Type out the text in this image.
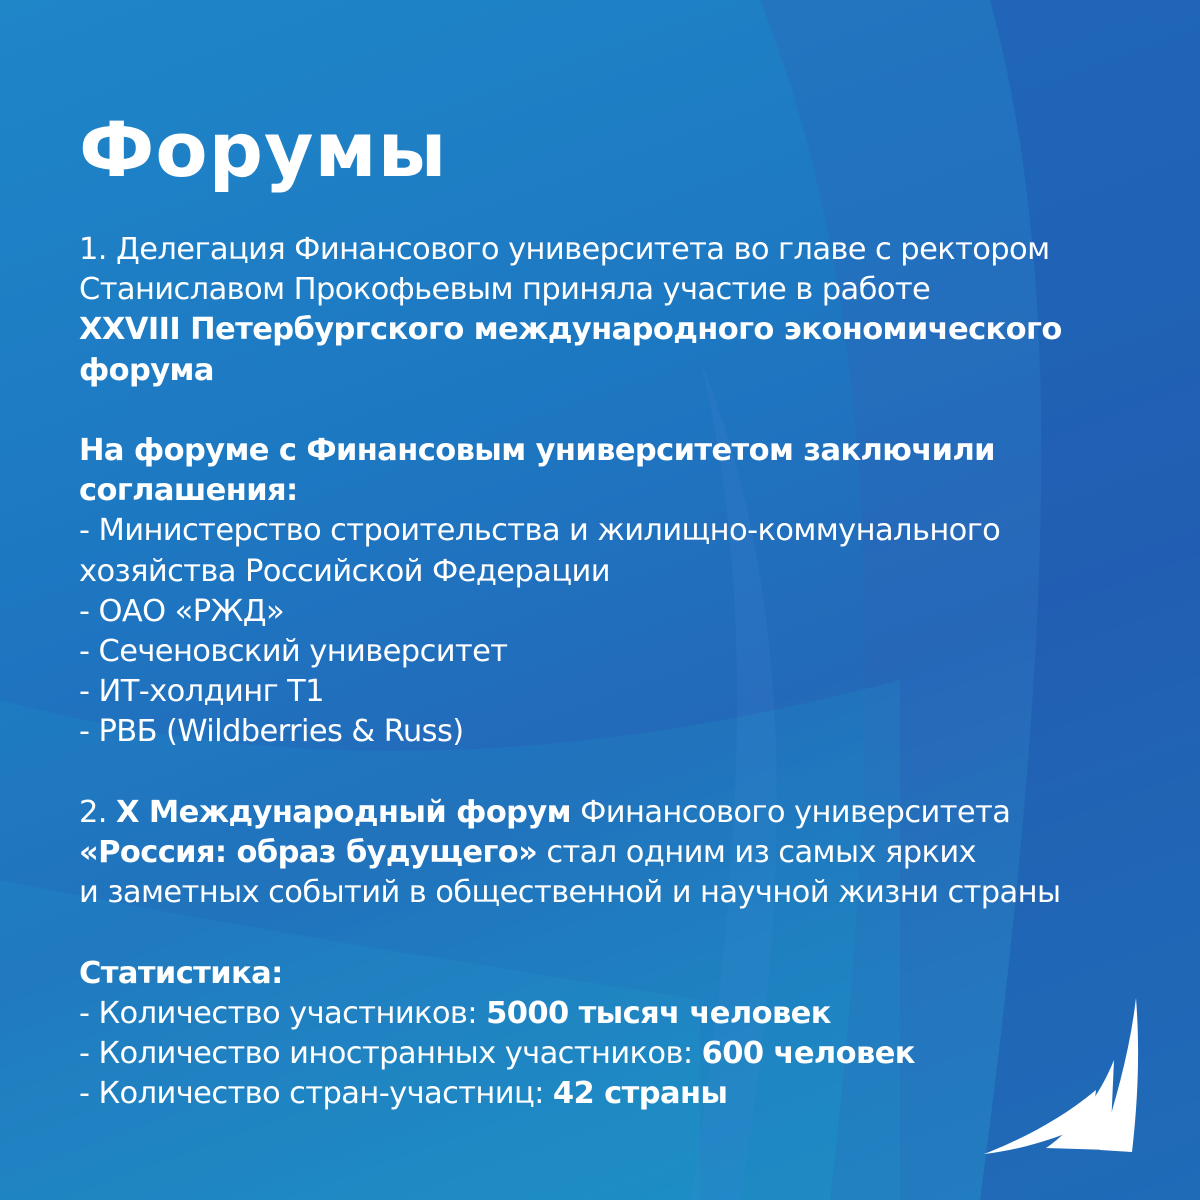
Форумы
1. Делегация Финансового университета во главе с ректором
Станиславом Прокофьевым приняла участие в работе
XXVIII Петербургского международного экономического
форума
На форуме с Финансовым университетом заключили
соглашения:
- Министерство строительства и жилищно-коммунального
хозяйства Российской Федерации
- ОАО «РЖД»
- Сеченовский университет
- ИТ-холдинг Т1
- РВБ (Wildberries & Russ)
2. X Международный форум Финансового университета
«Россия: образ будущего» стал одним из самых ярких
и заметных событий в общественной и научной жизни страны
Статистика:
- Количество участников: 5000 тысяч человек
- Количество иностранных участников: 600 человек
- Количество стран-участниц: 42 страны
